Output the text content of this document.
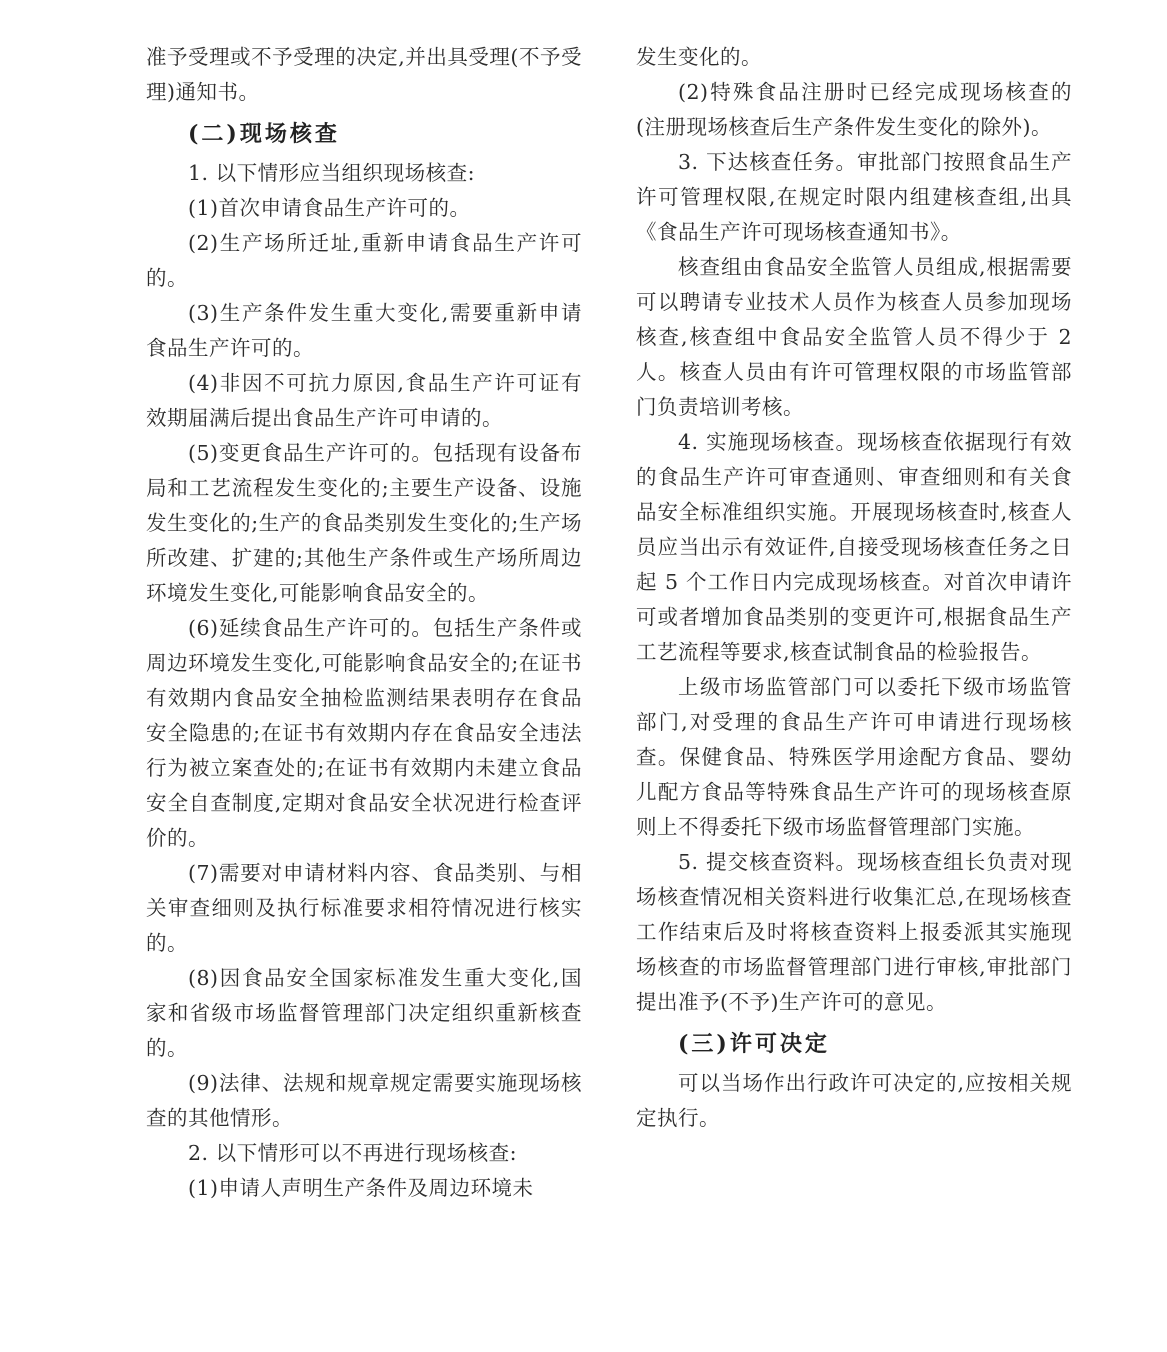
准予受理或不予受理的决定,并出具受理(不予受理)通知书。

(二)现场核查

1. 以下情形应当组织现场核查:

(1)首次申请食品生产许可的。

(2)生产场所迁址,重新申请食品生产许可的。

(3)生产条件发生重大变化,需要重新申请食品生产许可的。

(4)非因不可抗力原因,食品生产许可证有效期届满后提出食品生产许可申请的。

(5)变更食品生产许可的。包括现有设备布局和工艺流程发生变化的;主要生产设备、设施发生变化的;生产的食品类别发生变化的;生产场所改建、扩建的;其他生产条件或生产场所周边环境发生变化,可能影响食品安全的。

(6)延续食品生产许可的。包括生产条件或周边环境发生变化,可能影响食品安全的;在证书有效期内食品安全抽检监测结果表明存在食品安全隐患的;在证书有效期内存在食品安全违法行为被立案查处的;在证书有效期内未建立食品安全自查制度,定期对食品安全状况进行检查评价的。

(7)需要对申请材料内容、食品类别、与相关审查细则及执行标准要求相符情况进行核实的。

(8)因食品安全国家标准发生重大变化,国家和省级市场监督管理部门决定组织重新核查的。

(9)法律、法规和规章规定需要实施现场核查的其他情形。

2. 以下情形可以不再进行现场核查:

(1)申请人声明生产条件及周边环境未

发生变化的。

(2)特殊食品注册时已经完成现场核查的(注册现场核查后生产条件发生变化的除外)。

3. 下达核查任务。审批部门按照食品生产许可管理权限,在规定时限内组建核查组,出具《食品生产许可现场核查通知书》。

核查组由食品安全监管人员组成,根据需要可以聘请专业技术人员作为核查人员参加现场核查,核查组中食品安全监管人员不得少于 2 人。核查人员由有许可管理权限的市场监管部门负责培训考核。

4. 实施现场核查。现场核查依据现行有效的食品生产许可审查通则、审查细则和有关食品安全标准组织实施。开展现场核查时,核查人员应当出示有效证件,自接受现场核查任务之日起 5 个工作日内完成现场核查。对首次申请许可或者增加食品类别的变更许可,根据食品生产工艺流程等要求,核查试制食品的检验报告。

上级市场监管部门可以委托下级市场监管部门,对受理的食品生产许可申请进行现场核查。保健食品、特殊医学用途配方食品、婴幼儿配方食品等特殊食品生产许可的现场核查原则上不得委托下级市场监督管理部门实施。

5. 提交核查资料。现场核查组长负责对现场核查情况相关资料进行收集汇总,在现场核查工作结束后及时将核查资料上报委派其实施现场核查的市场监督管理部门进行审核,审批部门提出准予(不予)生产许可的意见。

(三)许可决定

可以当场作出行政许可决定的,应按相关规定执行。
